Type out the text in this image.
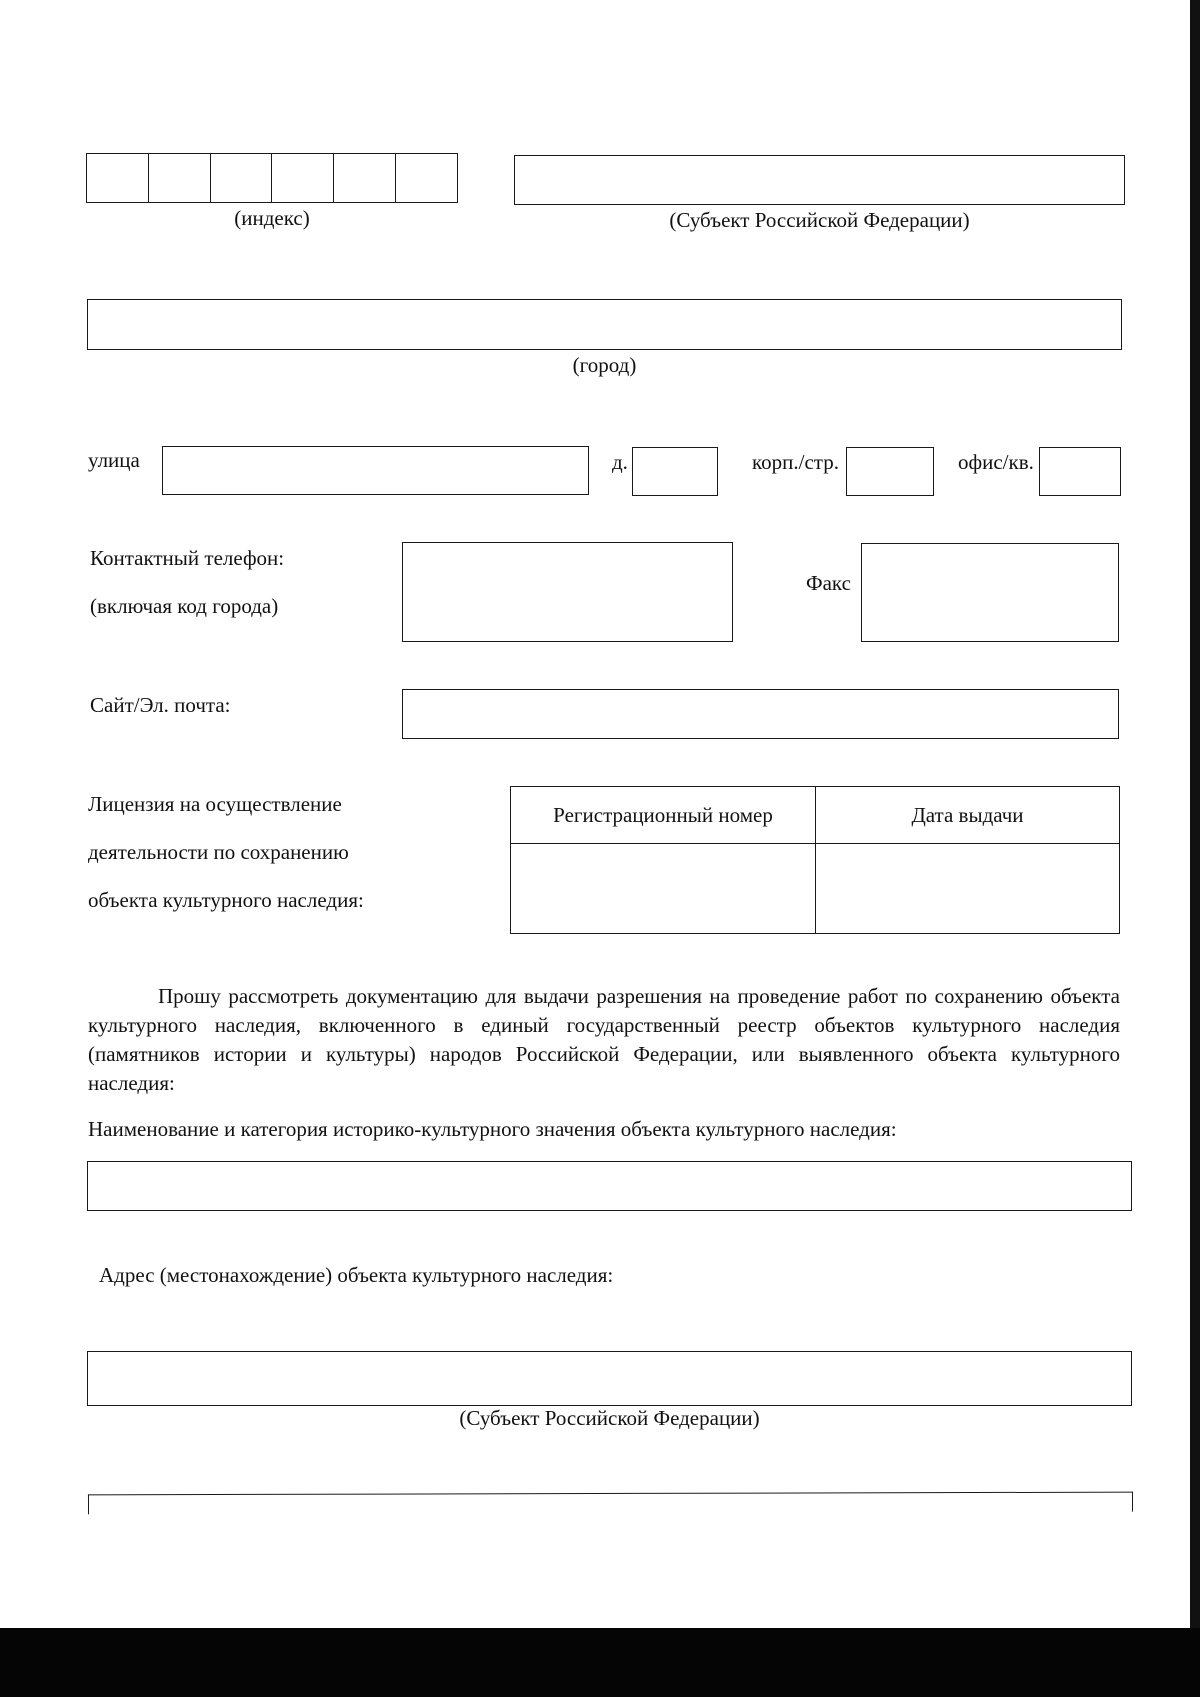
(индекс)	(Субъект Российской Федерации)
(город)
улица	д.	корп./стр.	офис/кв.
Контактный телефон:
(включая код города)
Факс
Сайт/Эл. почта:
Лицензия на осуществление
деятельности по сохранению
объекта культурного наследия:
Регистрационный номер	Дата выдачи

Прошу рассмотреть документацию для выдачи разрешения на проведение работ по сохранению объекта культурного наследия, включенного в единый государственный реестр объектов культурного наследия (памятников истории и культуры) народов Российской Федерации, или выявленного объекта культурного наследия:
Наименование и категория историко-культурного значения объекта культурного наследия:
Адрес (местонахождение) объекта культурного наследия:
(Субъект Российской Федерации)
